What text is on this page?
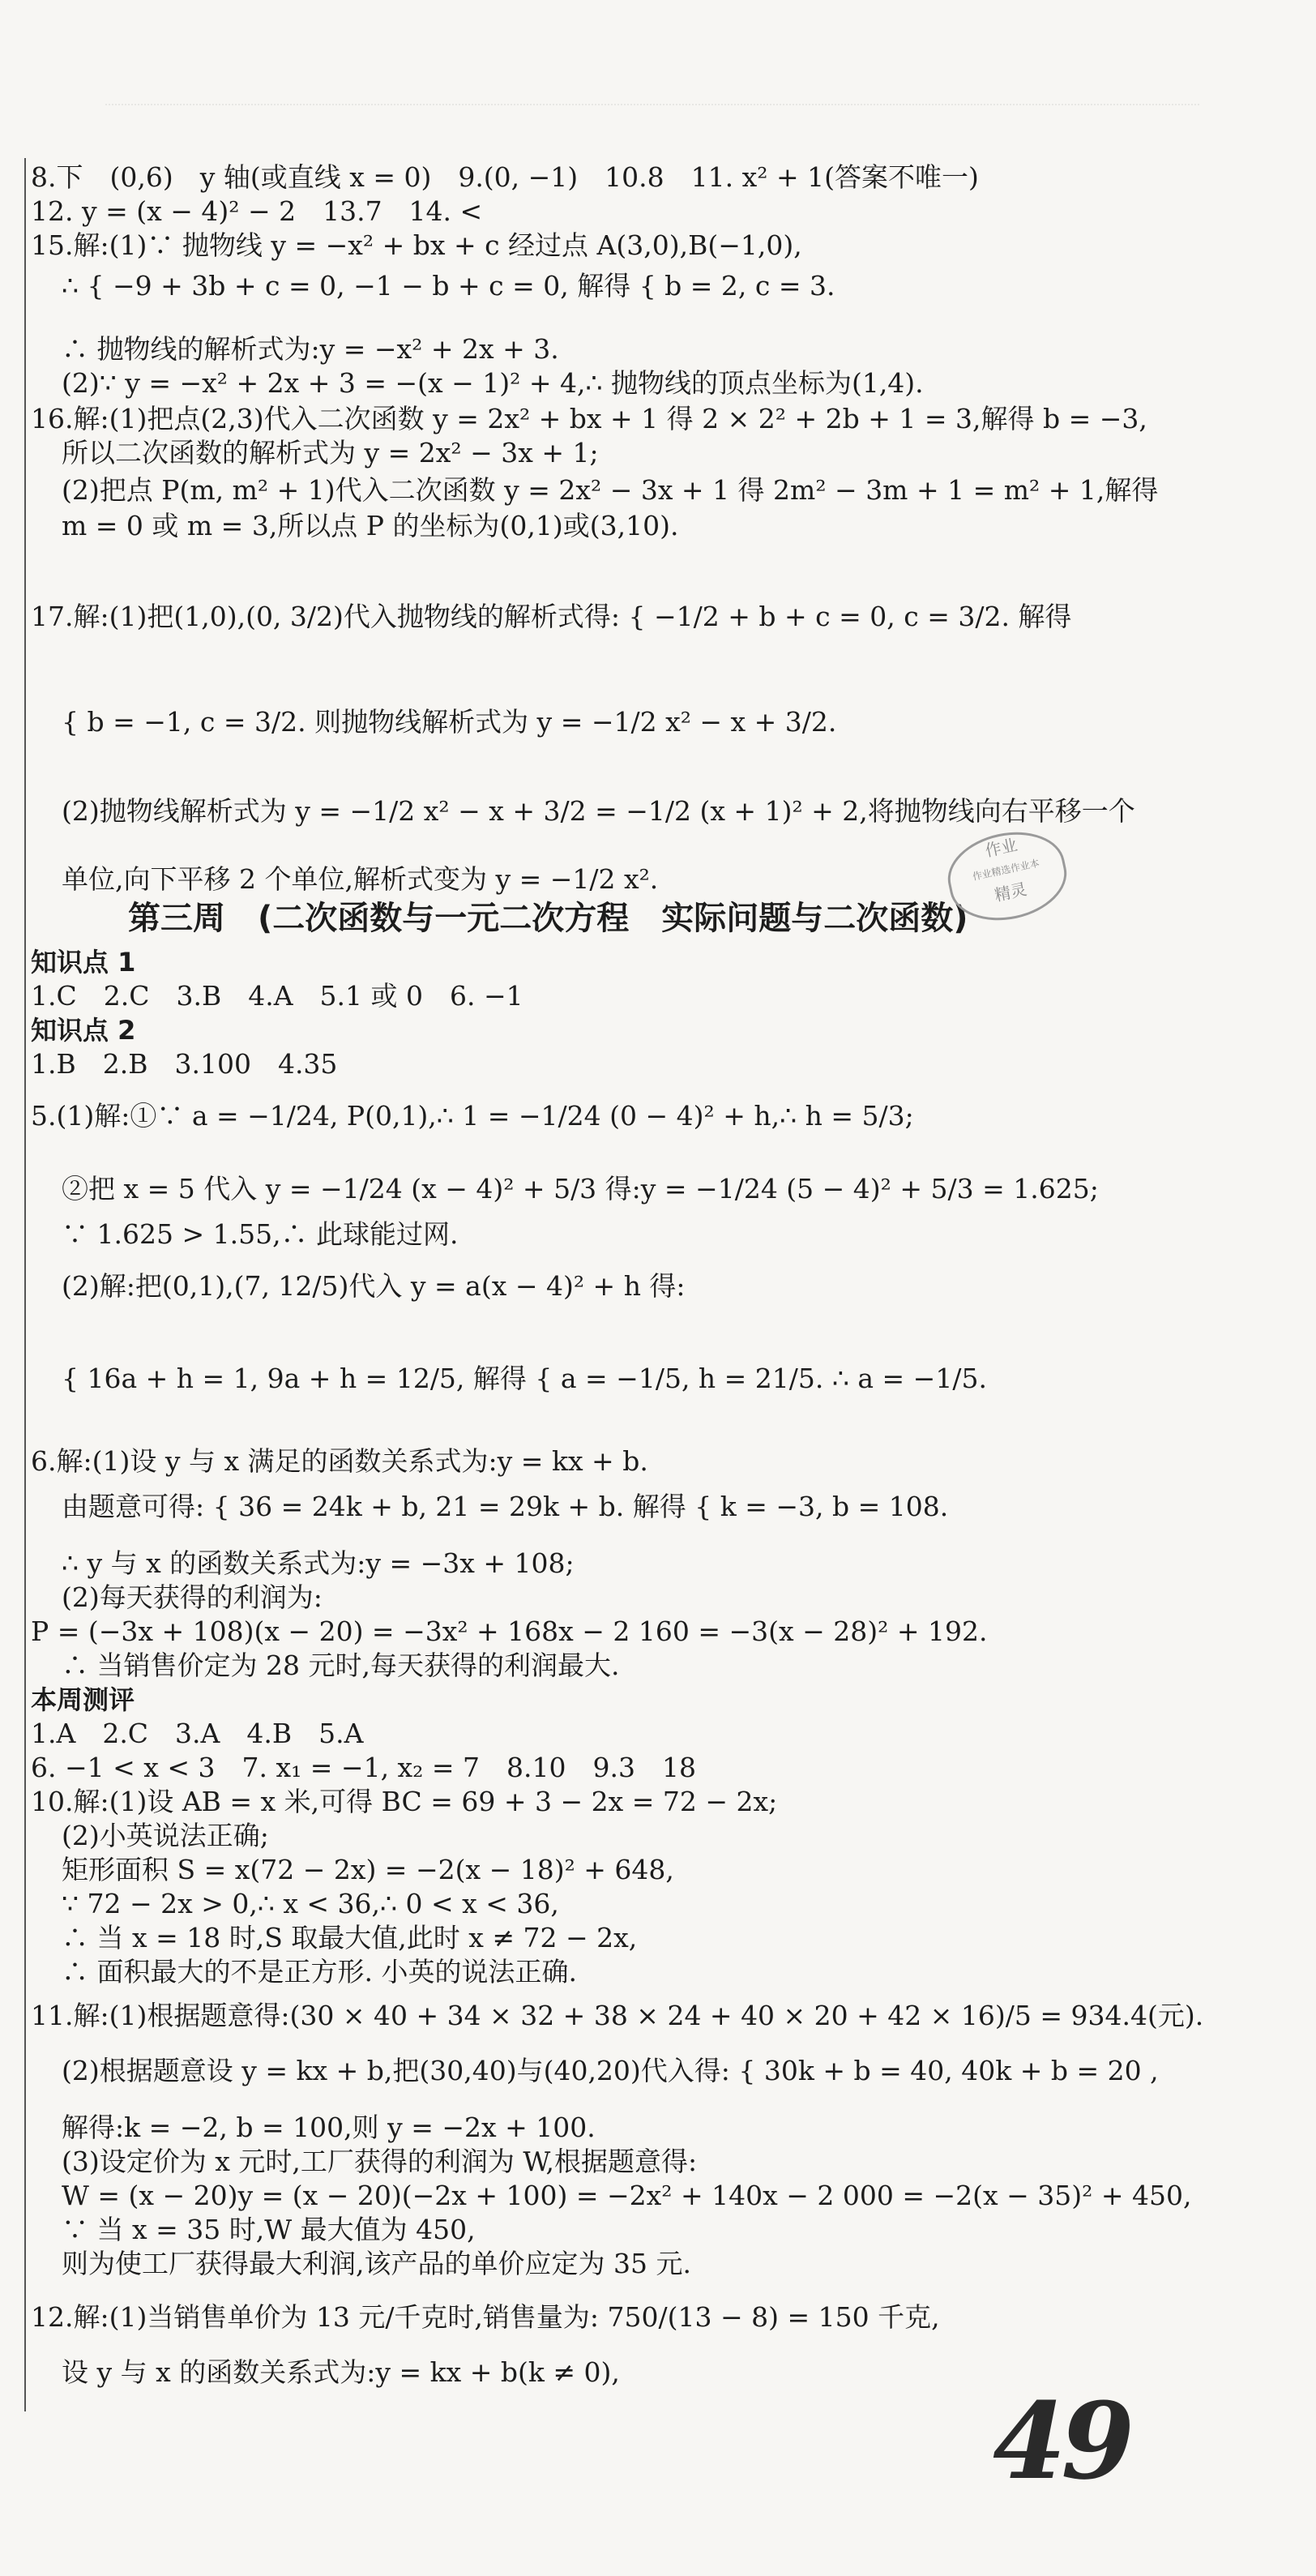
8.下　(0,6)　y 轴(或直线 x = 0)　9.(0, −1)　10.8　11. x² + 1(答案不唯一)
12. y = (x − 4)² − 2　13.7　14. <
15.解:(1)∵ 抛物线 y = −x² + bx + c 经过点 A(3,0),B(−1,0),
∴ { −9 + 3b + c = 0, −1 − b + c = 0, 解得 { b = 2, c = 3.
∴ 抛物线的解析式为:y = −x² + 2x + 3.
(2)∵ y = −x² + 2x + 3 = −(x − 1)² + 4,∴ 抛物线的顶点坐标为(1,4).
16.解:(1)把点(2,3)代入二次函数 y = 2x² + bx + 1 得 2 × 2² + 2b + 1 = 3,解得 b = −3,
所以二次函数的解析式为 y = 2x² − 3x + 1;
(2)把点 P(m, m² + 1)代入二次函数 y = 2x² − 3x + 1 得 2m² − 3m + 1 = m² + 1,解得
m = 0 或 m = 3,所以点 P 的坐标为(0,1)或(3,10).
17.解:(1)把(1,0),(0, 3/2)代入抛物线的解析式得: { −1/2 + b + c = 0, c = 3/2. 解得
{ b = −1, c = 3/2. 则抛物线解析式为 y = −1/2 x² − x + 3/2.
(2)抛物线解析式为 y = −1/2 x² − x + 3/2 = −1/2 (x + 1)² + 2,将抛物线向右平移一个
单位,向下平移 2 个单位,解析式变为 y = −1/2 x².
第三周　(二次函数与一元二次方程　实际问题与二次函数)
作业
作业精选作业本
精灵
知识点 1
1.C　2.C　3.B　4.A　5.1 或 0　6. −1
知识点 2
1.B　2.B　3.100　4.35
5.(1)解:①∵ a = −1/24, P(0,1),∴ 1 = −1/24 (0 − 4)² + h,∴ h = 5/3;
②把 x = 5 代入 y = −1/24 (x − 4)² + 5/3 得:y = −1/24 (5 − 4)² + 5/3 = 1.625;
∵ 1.625 > 1.55,∴ 此球能过网.
(2)解:把(0,1),(7, 12/5)代入 y = a(x − 4)² + h 得:
{ 16a + h = 1, 9a + h = 12/5, 解得 { a = −1/5, h = 21/5. ∴ a = −1/5.
6.解:(1)设 y 与 x 满足的函数关系式为:y = kx + b.
由题意可得: { 36 = 24k + b, 21 = 29k + b. 解得 { k = −3, b = 108.
∴ y 与 x 的函数关系式为:y = −3x + 108;
(2)每天获得的利润为:
P = (−3x + 108)(x − 20) = −3x² + 168x − 2 160 = −3(x − 28)² + 192.
∴ 当销售价定为 28 元时,每天获得的利润最大.
本周测评
1.A　2.C　3.A　4.B　5.A
6. −1 < x < 3　7. x₁ = −1, x₂ = 7　8.10　9.3　18
10.解:(1)设 AB = x 米,可得 BC = 69 + 3 − 2x = 72 − 2x;
(2)小英说法正确;
矩形面积 S = x(72 − 2x) = −2(x − 18)² + 648,
∵ 72 − 2x > 0,∴ x < 36,∴ 0 < x < 36,
∴ 当 x = 18 时,S 取最大值,此时 x ≠ 72 − 2x,
∴ 面积最大的不是正方形. 小英的说法正确.
11.解:(1)根据题意得:(30 × 40 + 34 × 32 + 38 × 24 + 40 × 20 + 42 × 16)/5 = 934.4(元).
(2)根据题意设 y = kx + b,把(30,40)与(40,20)代入得: { 30k + b = 40, 40k + b = 20 ,
解得:k = −2, b = 100,则 y = −2x + 100.
(3)设定价为 x 元时,工厂获得的利润为 W,根据题意得:
W = (x − 20)y = (x − 20)(−2x + 100) = −2x² + 140x − 2 000 = −2(x − 35)² + 450,
∵ 当 x = 35 时,W 最大值为 450,
则为使工厂获得最大利润,该产品的单价应定为 35 元.
12.解:(1)当销售单价为 13 元/千克时,销售量为: 750/(13 − 8) = 150 千克,
设 y 与 x 的函数关系式为:y = kx + b(k ≠ 0),
49
